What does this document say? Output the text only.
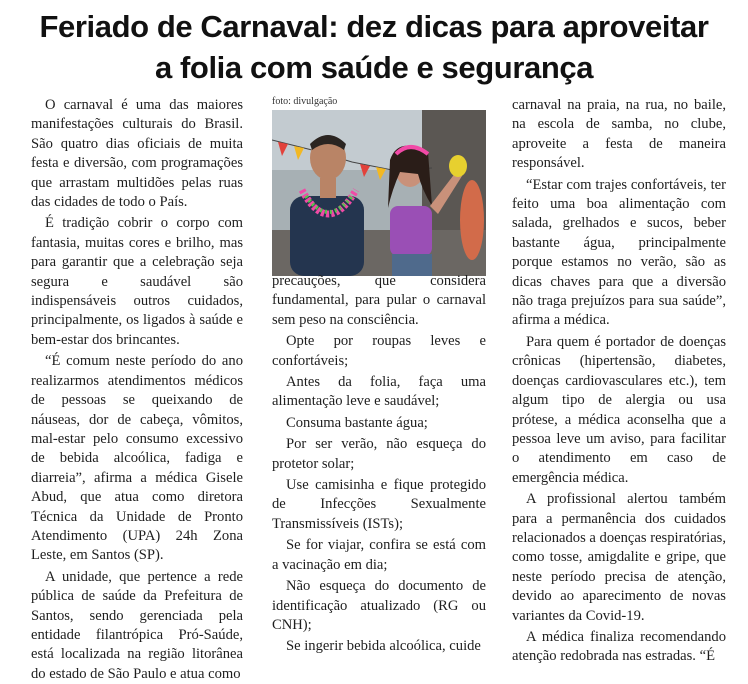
Feriado de Carnaval: dez dicas para aproveitar
a folia com saúde e segurança

O carnaval é uma das maiores manifestações culturais do Brasil. São quatro dias oficiais de muita festa e diversão, com programações que arrastam multidões pelas ruas das cidades de todo o País.

É tradição cobrir o corpo com fantasia, muitas cores e brilho, mas para garantir que a celebração seja segura e saudável são indispensáveis outros cuidados, principalmente, os ligados à saúde e bem-estar dos brincantes.

“É comum neste período do ano realizarmos atendimentos médicos de pessoas se queixando de náuseas, dor de cabeça, vômitos, mal-estar pelo consumo excessivo de bebida alcoólica, fadiga e diarreia”, afirma a médica Gisele Abud, que atua como diretora Técnica da Unidade de Pronto Atendimento (UPA) 24h Zona Leste, em Santos (SP).

A unidade, que pertence a rede pública de saúde da Prefeitura de Santos, sendo gerenciada pela entidade filantrópica Pró-Saúde, está localizada na região litorânea do estado de São Paulo e atua como

foto: divulgação

precauções, que considera fundamental, para pular o carnaval sem peso na consciência.

Opte por roupas leves e confortáveis;

Antes da folia, faça uma alimentação leve e saudável;

Consuma bastante água;

Por ser verão, não esqueça do protetor solar;

Use camisinha e fique protegido de Infecções Sexualmente Transmissíveis (ISTs);

Se for viajar, confira se está com a vacinação em dia;

Não esqueça do documento de identificação atualizado (RG ou CNH);

Se ingerir bebida alcoólica, cuide

carnaval na praia, na rua, no baile, na escola de samba, no clube, aproveite a festa de maneira responsável.

“Estar com trajes confortáveis, ter feito uma boa alimentação com salada, grelhados e sucos, beber bastante água, principalmente porque estamos no verão, são as dicas chaves para que a diversão não traga prejuízos para sua saúde”, afirma a médica.

Para quem é portador de doenças crônicas (hipertensão, diabetes, doenças cardiovasculares etc.), tem algum tipo de alergia ou usa prótese, a médica aconselha que a pessoa leve um aviso, para facilitar o atendimento em caso de emergência médica.

A profissional alertou também para a permanência dos cuidados relacionados a doenças respiratórias, como tosse, amigdalite e gripe, que neste período precisa de atenção, devido ao aparecimento de novas variantes da Covid-19.

A médica finaliza recomendando atenção redobrada nas estradas. “É
